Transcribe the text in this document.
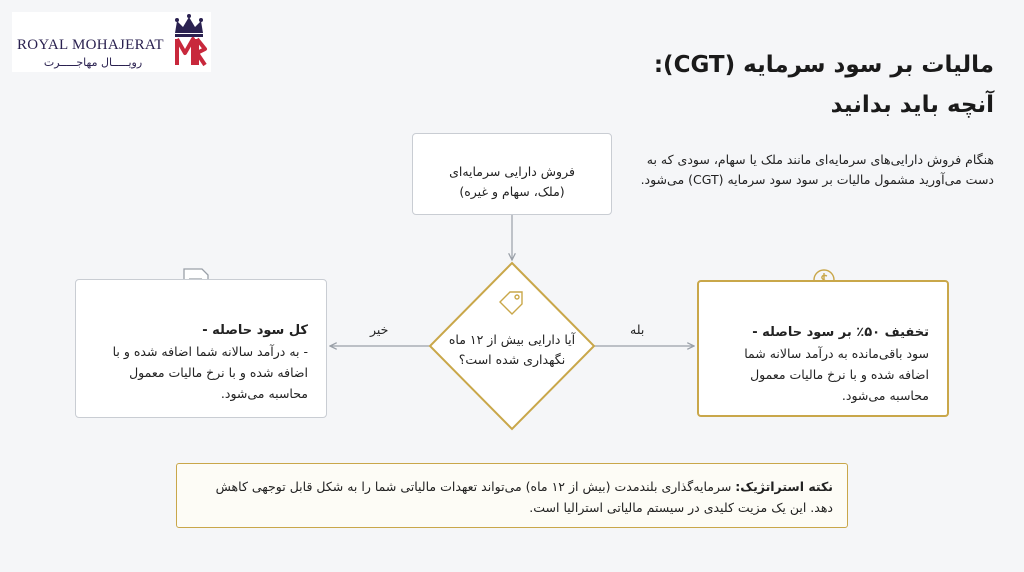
ROYAL MOHAJERAT
رویـــــال مهاجـــــرت	مالیات بر سود سرمایه (CGT):
آنچه باید بدانید
هنگام فروش دارایی‌های سرمایه‌ای مانند ملک یا سهام، سودی که به دست می‌آورید مشمول مالیات بر سود سود سرمایه (CGT) می‌شود.
فروش دارایی سرمایه‌ای
(ملک، سهام و غیره)
آیا دارایی بیش از ۱۲ ماه
نگهداری شده است؟
خیر	بله
کل سود حاصله -
- به درآمد سالانه شما اضافه شده و با اضافه شده و با نرخ مالیات معمول محاسبه می‌شود.
تخفیف ۵۰٪ بر سود حاصله -
سود باقی‌مانده به درآمد سالانه شما اضافه شده و با نرخ مالیات معمول محاسبه می‌شود.
نکته استراتژیک: سرمایه‌گذاری بلندمدت (بیش از ۱۲ ماه) می‌تواند تعهدات مالیاتی شما را به شکل قابل توجهی کاهش دهد. این یک مزیت کلیدی در سیستم مالیاتی استرالیا است.
